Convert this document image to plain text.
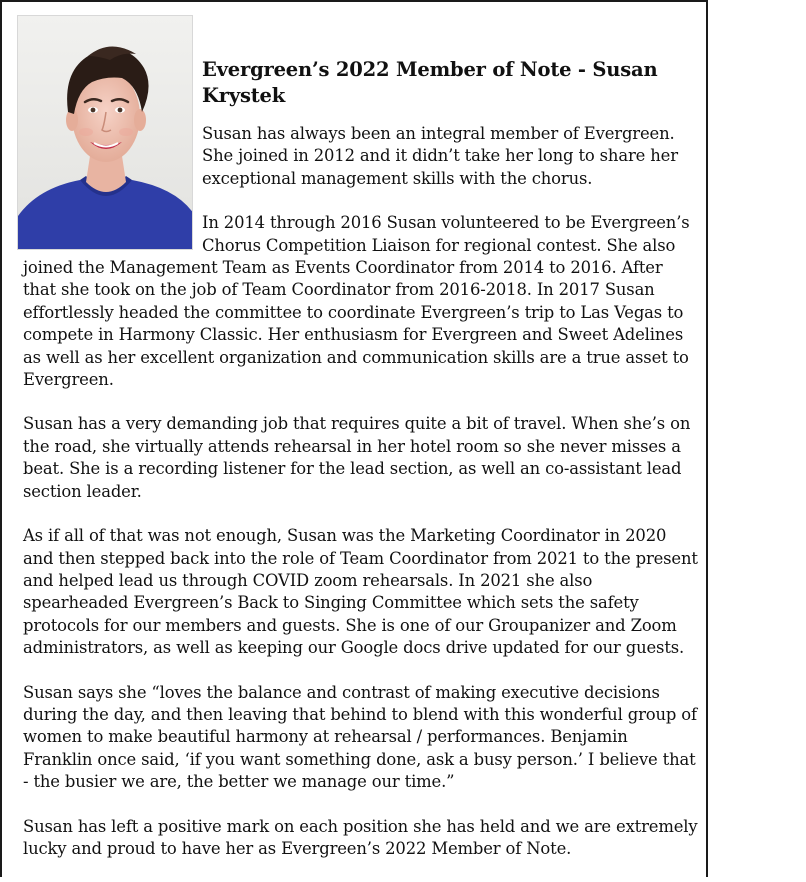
Evergreen’s 2022 Member of Note - Susan Krystek

Susan has always been an integral member of Evergreen. She joined in 2012 and it didn’t take her long to share her exceptional management skills with the chorus.

In 2014 through 2016 Susan volunteered to be Evergreen’s Chorus Competition Liaison for regional contest. She also joined the Management Team as Events Coordinator from 2014 to 2016. After that she took on the job of Team Coordinator from 2016-2018. In 2017 Susan effortlessly headed the committee to coordinate Evergreen’s trip to Las Vegas to compete in Harmony Classic. Her enthusiasm for Evergreen and Sweet Adelines as well as her excellent organization and communication skills are a true asset to Evergreen.

Susan has a very demanding job that requires quite a bit of travel. When she’s on the road, she virtually attends rehearsal in her hotel room so she never misses a beat. She is a recording listener for the lead section, as well an co-assistant lead section leader.

As if all of that was not enough, Susan was the Marketing Coordinator in 2020 and then stepped back into the role of Team Coordinator from 2021 to the present and helped lead us through COVID zoom rehearsals. In 2021 she also spearheaded Evergreen’s Back to Singing Committee which sets the safety protocols for our members and guests. She is one of our Groupanizer and Zoom administrators, as well as keeping our Google docs drive updated for our guests.

Susan says she “loves the balance and contrast of making executive decisions during the day, and then leaving that behind to blend with this wonderful group of women to make beautiful harmony at rehearsal / performances. Benjamin Franklin once said, ‘if you want something done, ask a busy person.’ I believe that - the busier we are, the better we manage our time.”

Susan has left a positive mark on each position she has held and we are extremely lucky and proud to have her as Evergreen’s 2022 Member of Note.
